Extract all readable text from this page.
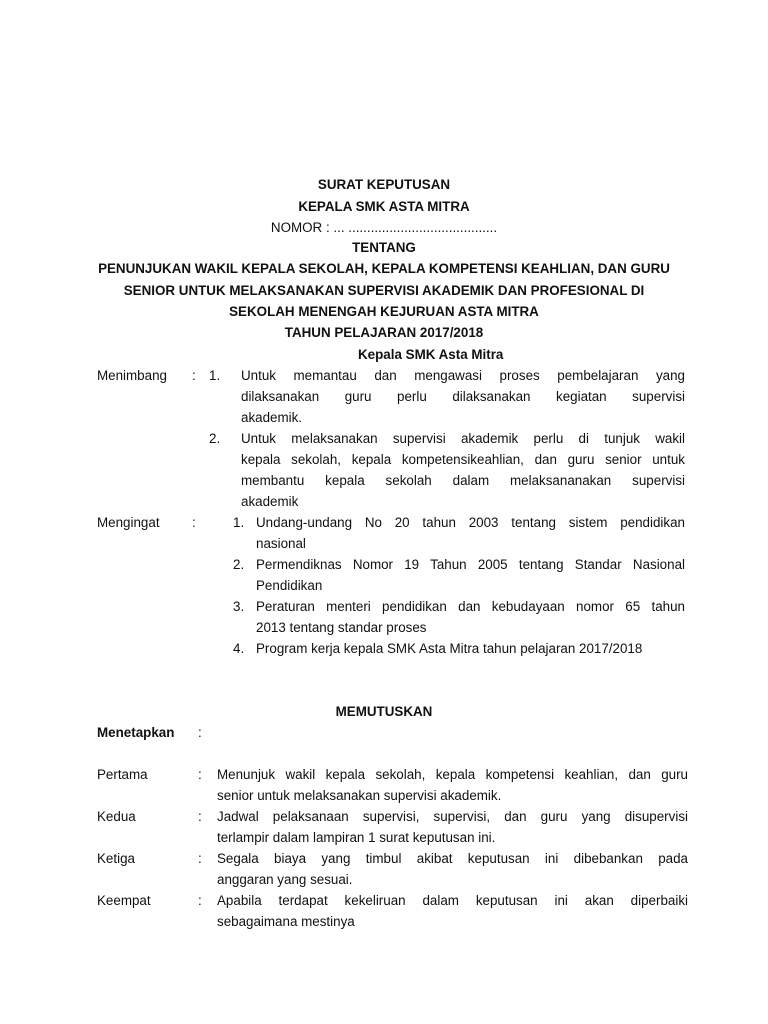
SURAT KEPUTUSAN
KEPALA SMK ASTA MITRA
NOMOR : ... ........................................
TENTANG
PENUNJUKAN WAKIL KEPALA SEKOLAH, KEPALA KOMPETENSI KEAHLIAN, DAN GURU
SENIOR UNTUK MELAKSANAKAN SUPERVISI AKADEMIK DAN PROFESIONAL DI
SEKOLAH MENENGAH KEJURUAN ASTA MITRA
TAHUN PELAJARAN 2017/2018
Kepala SMK Asta Mitra
Menimbang : 1. Untuk memantau dan mengawasi proses pembelajaran yang
dilaksanakan guru perlu dilaksanakan kegiatan supervisi
akademik.
2. Untuk melaksanakan supervisi akademik perlu di tunjuk wakil
kepala sekolah, kepala kompetensikeahlian, dan guru senior untuk
membantu kepala sekolah dalam melaksananakan supervisi
akademik
Mengingat :	1. Undang-undang No 20 tahun 2003 tentang sistem pendidikan
nasional
2. Permendiknas Nomor 19 Tahun 2005 tentang Standar Nasional
Pendidikan
3. Peraturan menteri pendidikan dan kebudayaan nomor 65 tahun
2013 tentang standar proses
4. Program kerja kepala SMK Asta Mitra tahun pelajaran 2017/2018
MEMUTUSKAN
Menetapkan :
Pertama	: Menunjuk wakil kepala sekolah, kepala kompetensi keahlian, dan guru
senior untuk melaksanakan supervisi akademik.
Kedua	: Jadwal pelaksanaan supervisi, supervisi, dan guru yang disupervisi
terlampir dalam lampiran 1 surat keputusan ini.
Ketiga	: Segala biaya yang timbul akibat keputusan ini dibebankan pada
anggaran yang sesuai.
Keempat	: Apabila terdapat kekeliruan dalam keputusan ini akan diperbaiki
sebagaimana mestinya
